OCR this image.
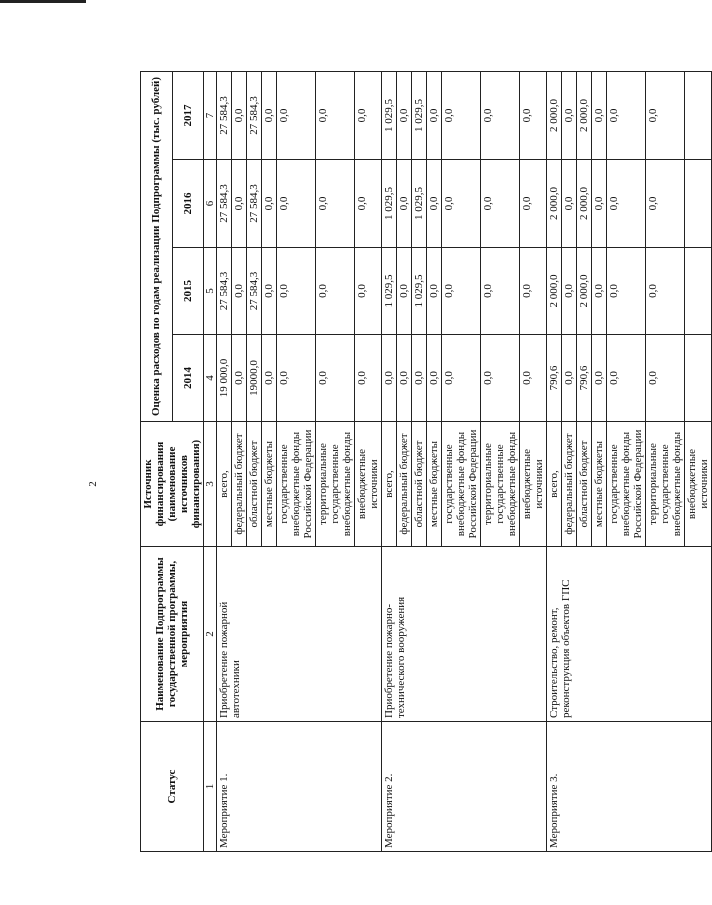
2
Статус	Наименование Подпрограммы государственной программы, мероприятия	Источник финансирования (наименование источников финансирования)	Оценка расходов по годам реализации Подпрограммы (тыс. рублей)			
			2014	2015	2016	2017
1	2	3	4	5	6	7
Мероприятие 1.	Приобретение пожарной автотехники	всего,	19 000,0	27 584,3	27 584,3	27 584,3
		федеральный бюджет	0,0	0,0	0,0	0,0
		областной бюджет	19000,0	27 584,3	27 584,3	27 584,3
		местные бюджеты	0,0	0,0	0,0	0,0
		государственные внебюджетные фонды Российской Федерации	0,0	0,0	0,0	0,0
		территориальные государственные внебюджетные фонды	0,0	0,0	0,0	0,0
		внебюджетные источники	0,0	0,0	0,0	0,0
Мероприятие 2.	Приобретение пожарно-технического вооружения	всего,	0,0	1 029,5	1 029,5	1 029,5
		федеральный бюджет	0,0	0,0	0,0	0,0
		областной бюджет	0,0	1 029,5	1 029,5	1 029,5
		местные бюджеты	0,0	0,0	0,0	0,0
		государственные внебюджетные фонды Российской Федерации	0,0	0,0	0,0	0,0
		территориальные государственные внебюджетные фонды	0,0	0,0	0,0	0,0
		внебюджетные источники	0,0	0,0	0,0	0,0
Мероприятие 3.	Строительство, ремонт, реконструкция объектов ГПС	всего,	790,6	2 000,0	2 000,0	2 000,0
		федеральный бюджет	0,0	0,0	0,0	0,0
		областной бюджет	790,6	2 000,0	2 000,0	2 000,0
		местные бюджеты	0,0	0,0	0,0	0,0
		государственные внебюджетные фонды Российской Федерации	0,0	0,0	0,0	0,0
		территориальные государственные внебюджетные фонды	0,0	0,0	0,0	0,0
		внебюджетные источники				
